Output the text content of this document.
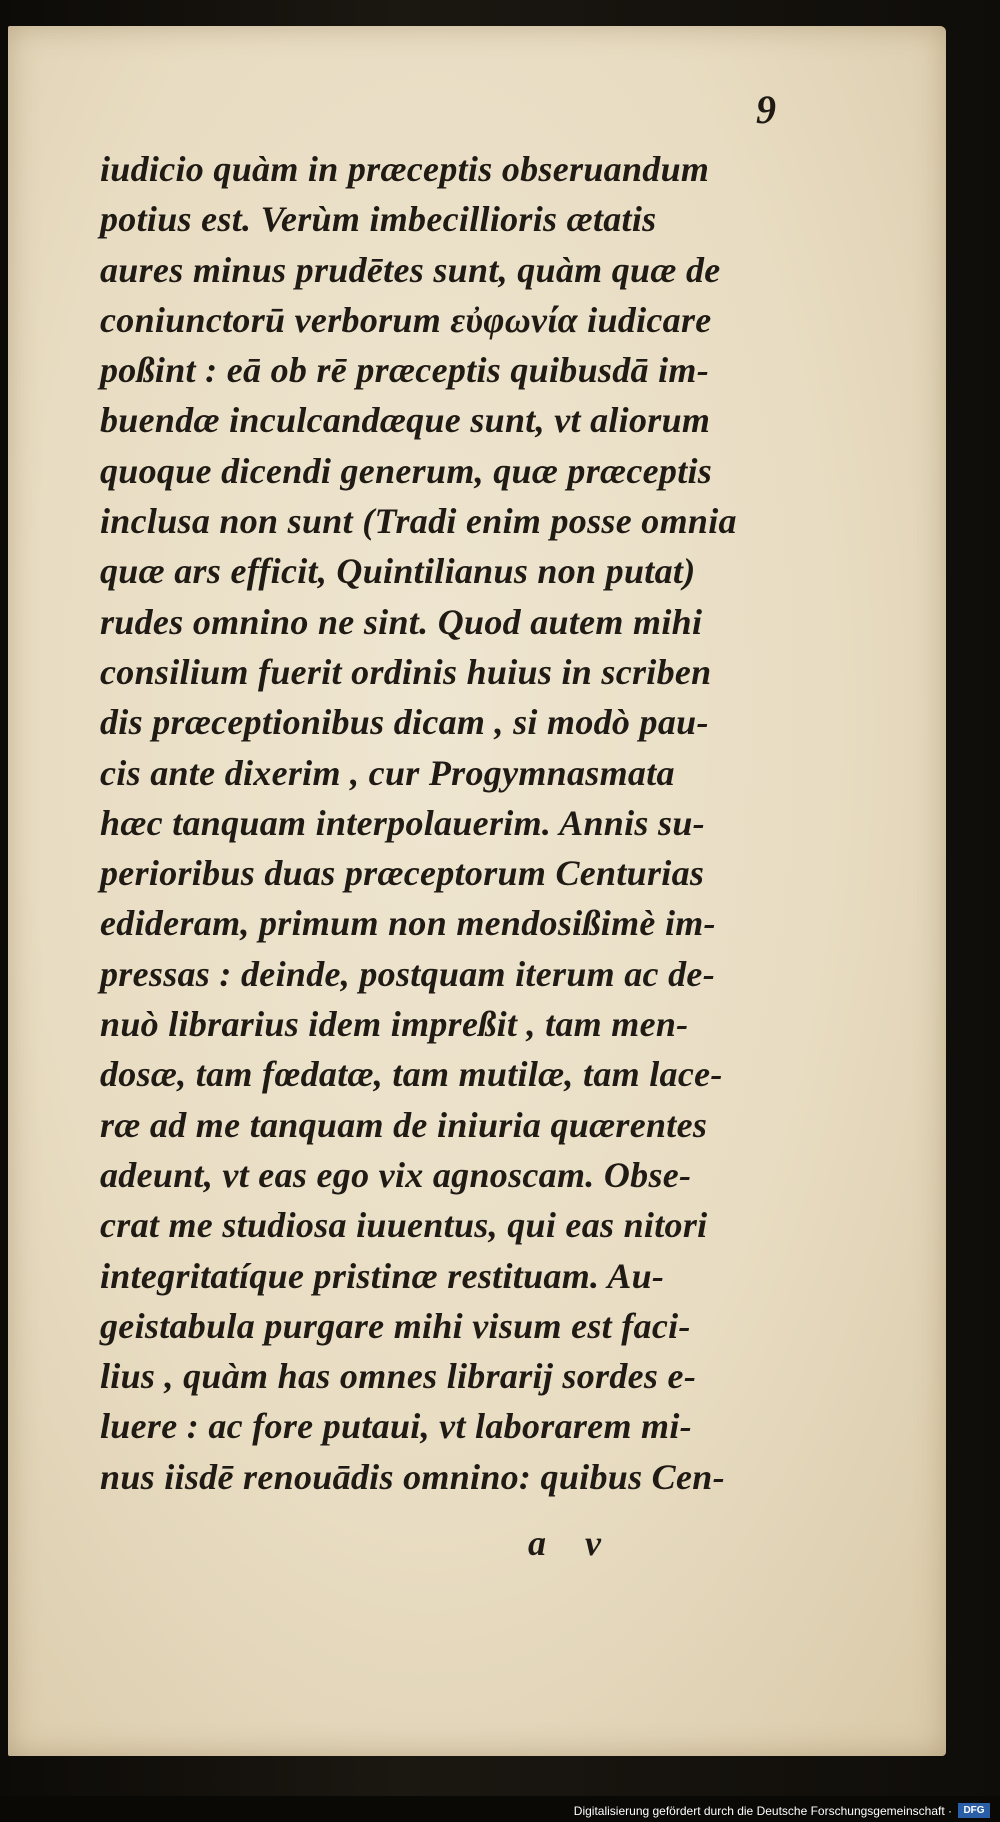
9
iudicio quàm in præceptis obseruandum
potius est. Verùm imbecillioris ætatis
aures minus prudētes sunt, quàm quæ de
coniunctorū verborum εὐφωνία iudicare
poßint : eā ob rē præceptis quibusdā im-
buendæ inculcandæque sunt, vt aliorum
quoque dicendi generum, quæ præceptis
inclusa non sunt (Tradi enim posse omnia
quæ ars efficit, Quintilianus non putat)
rudes omnino ne sint. Quod autem mihi
consilium fuerit ordinis huius in scriben
dis præceptionibus dicam , si modò pau-
cis ante dixerim , cur Progymnasmata
hæc tanquam interpolauerim. Annis su-
perioribus duas præceptorum Centurias
edideram, primum non mendosißimè im-
pressas : deinde, postquam iterum ac de-
nuò librarius idem impreßit , tam men-
dosæ, tam fœdatæ, tam mutilæ, tam lace-
ræ ad me tanquam de iniuria quærentes
adeunt, vt eas ego vix agnoscam. Obse-
crat me studiosa iuuentus, qui eas nitori
integritatíque pristinæ restituam. Au-
geistabula purgare mihi visum est faci-
lius , quàm has omnes librarij sordes e-
luere : ac fore putaui, vt laborarem mi-
nus iisdē renouādis omnino: quibus Cen-
a v
Digitalisierung gefördert durch die Deutsche Forschungsgemeinschaft ·	DFG
